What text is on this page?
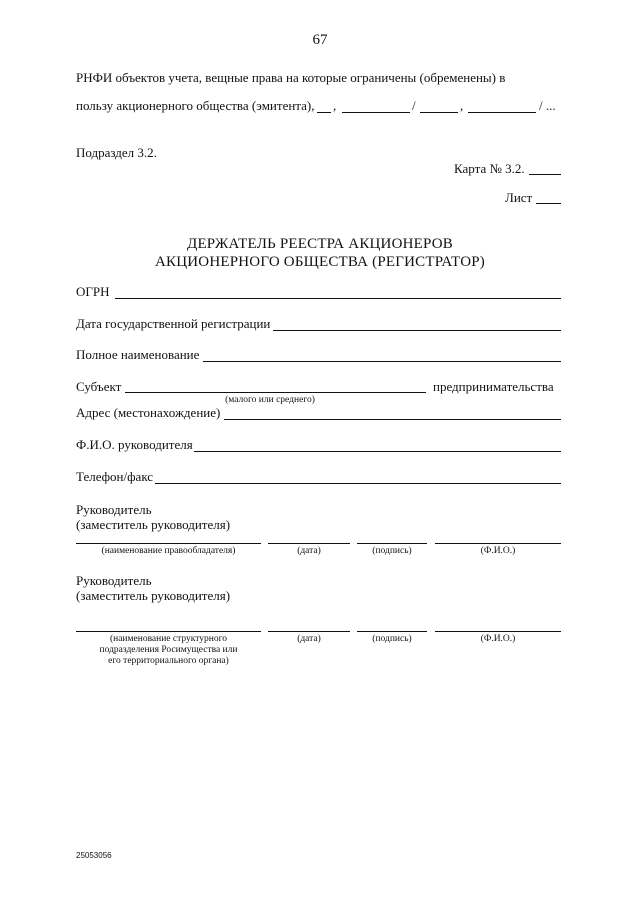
67
РНФИ объектов учета, вещные права на которые ограничены (обременены) в
пользу акционерного общества (эмитента), ,	/	,	/ ...
Подраздел 3.2.
Карта № 3.2.
Лист
ДЕРЖАТЕЛЬ РЕЕСТРА АКЦИОНЕРОВ
АКЦИОНЕРНОГО ОБЩЕСТВА (РЕГИСТРАТОР)
ОГРН
Дата государственной регистрации
Полное наименование
Субъект	предпринимательства
(малого или среднего)
Адрес (местонахождение)
Ф.И.О. руководителя
Телефон/факс
Руководитель
(заместитель руководителя)
(наименование правообладателя)	(дата)	(подпись)	(Ф.И.О.)
Руководитель
(заместитель руководителя)
(наименование структурного
подразделения Росимущества или
его территориального органа)
(дата)	(подпись)	(Ф.И.О.)
25053056
